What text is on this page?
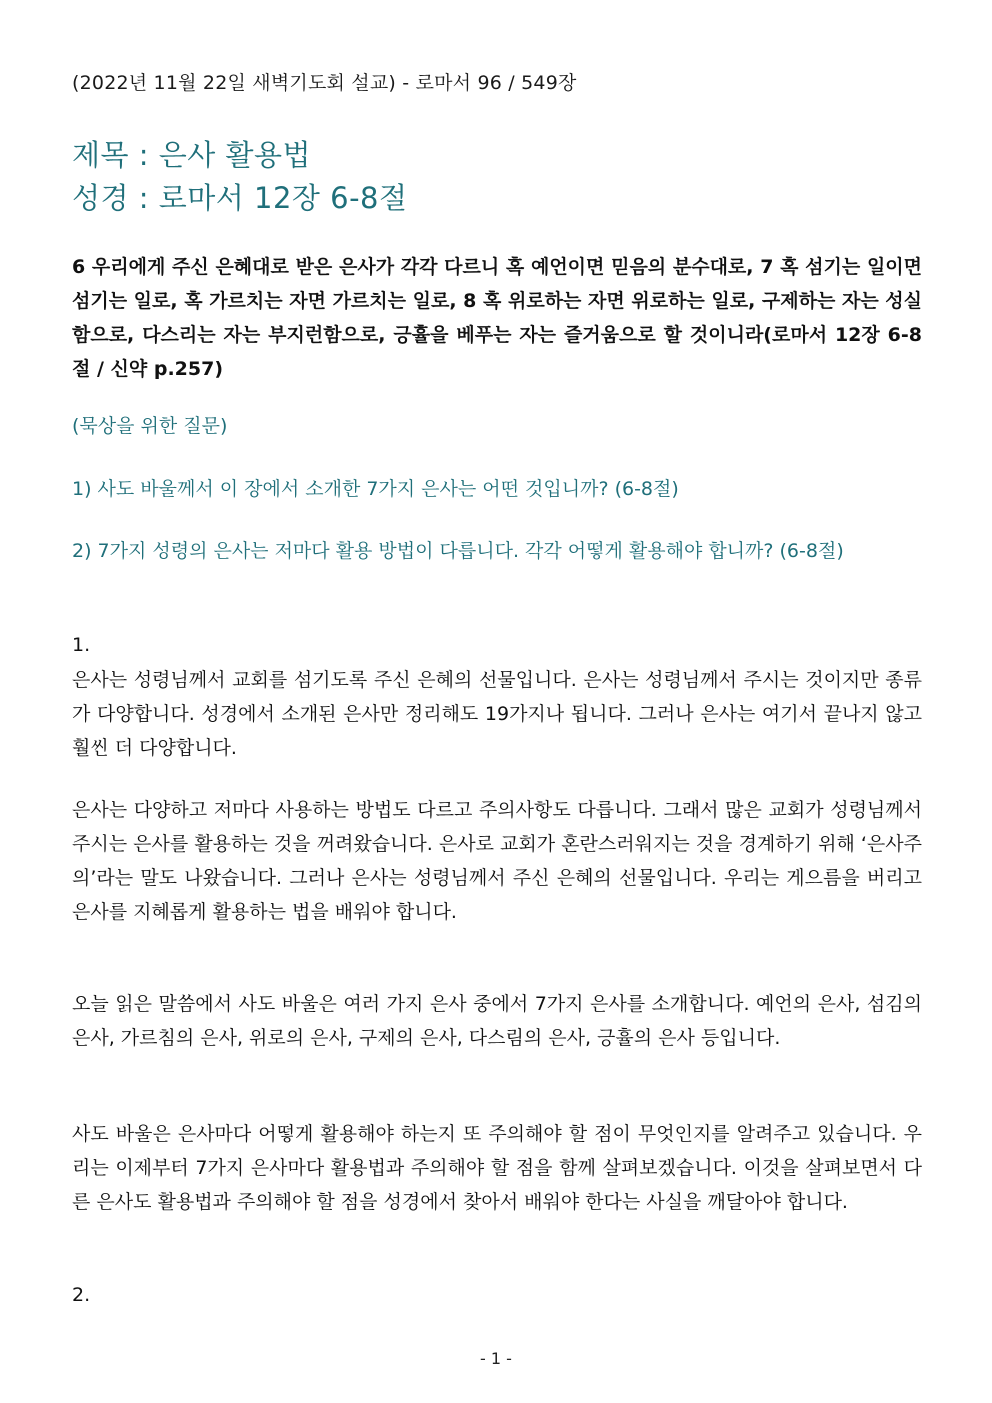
(2022년 11월 22일 새벽기도회 설교) - 로마서 96 / 549장
제목 : 은사 활용법
성경 : 로마서 12장 6-8절
6 우리에게 주신 은혜대로 받은 은사가 각각 다르니 혹 예언이면 믿음의 분수대로, 7 혹 섬기는 일이면 섬기는 일로, 혹 가르치는 자면 가르치는 일로, 8 혹 위로하는 자면 위로하는 일로, 구제하는 자는 성실함으로, 다스리는 자는 부지런함으로, 긍휼을 베푸는 자는 즐거움으로 할 것이니라(로마서 12장 6-8절 / 신약 p.257)
(묵상을 위한 질문)
1) 사도 바울께서 이 장에서 소개한 7가지 은사는 어떤 것입니까? (6-8절)
2) 7가지 성령의 은사는 저마다 활용 방법이 다릅니다. 각각 어떻게 활용해야 합니까? (6-8절)
1.
은사는 성령님께서 교회를 섬기도록 주신 은혜의 선물입니다. 은사는 성령님께서 주시는 것이지만 종류가 다양합니다. 성경에서 소개된 은사만 정리해도 19가지나 됩니다. 그러나 은사는 여기서 끝나지 않고 훨씬 더 다양합니다.
은사는 다양하고 저마다 사용하는 방법도 다르고 주의사항도 다릅니다. 그래서 많은 교회가 성령님께서 주시는 은사를 활용하는 것을 꺼려왔습니다. 은사로 교회가 혼란스러워지는 것을 경계하기 위해 ‘은사주의’라는 말도 나왔습니다. 그러나 은사는 성령님께서 주신 은혜의 선물입니다. 우리는 게으름을 버리고 은사를 지혜롭게 활용하는 법을 배워야 합니다.
오늘 읽은 말씀에서 사도 바울은 여러 가지 은사 중에서 7가지 은사를 소개합니다. 예언의 은사, 섬김의 은사, 가르침의 은사, 위로의 은사, 구제의 은사, 다스림의 은사, 긍휼의 은사 등입니다.
사도 바울은 은사마다 어떻게 활용해야 하는지 또 주의해야 할 점이 무엇인지를 알려주고 있습니다. 우리는 이제부터 7가지 은사마다 활용법과 주의해야 할 점을 함께 살펴보겠습니다. 이것을 살펴보면서 다른 은사도 활용법과 주의해야 할 점을 성경에서 찾아서 배워야 한다는 사실을 깨달아야 합니다.
2.
- 1 -
